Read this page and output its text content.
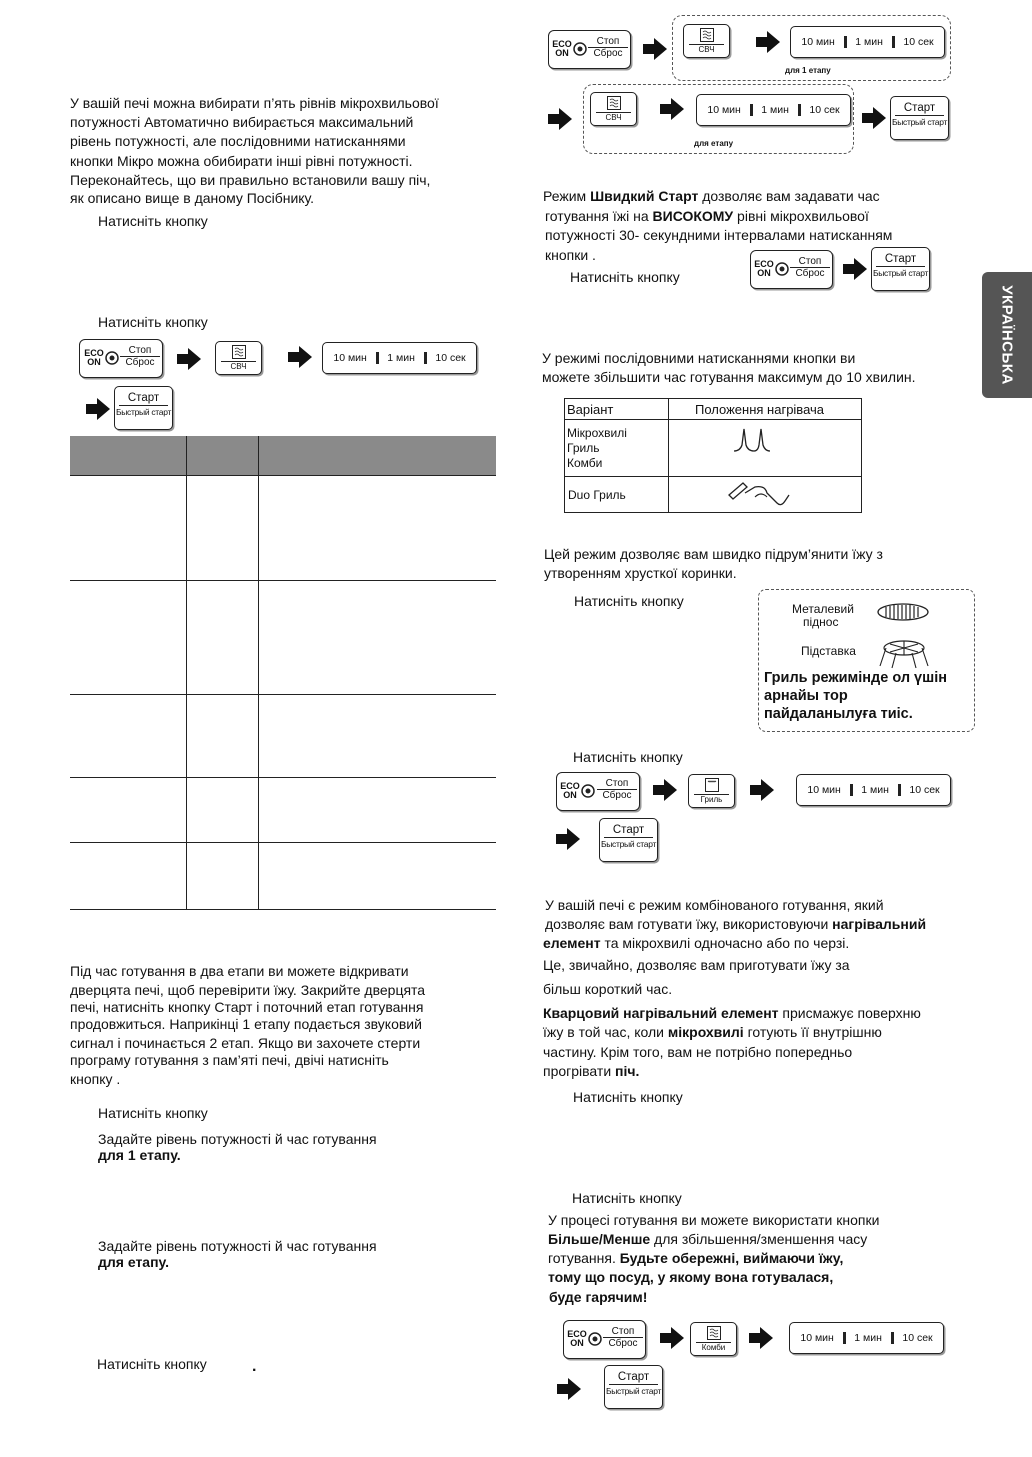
УКРАЇНСЬКА
У вашій печі можна вибирати п’ять рівнів мікрохвильової
потужності Автоматично вибирається максимальний
рівень потужності, але послідовними натисканнями
кнопки Мікро можна обибирати інші рівні потужності.
Переконайтесь, що ви правильно встановили вашу піч,
як описано вище в даному Посібнику.
Натисніть кнопку
Натисніть кнопку
ECO
ON
Стоп
Сброс	СВЧ
10 мин 1 мин 10 сек
Старт
Быстрый старт
Під час готування в два етапи ви можете відкривати
дверцята печі, щоб перевірити їжу. Закрийте дверцята
печі, натисніть кнопку Старт і поточний етап готування
продовжиться. Наприкінці 1 етапу подається звуковий
сигнал і починається 2 етап. Якщо ви захочете стерти
програму готування з пам’яті печі, двічі натисніть
кнопку .
Натисніть кнопку
Задайте рівень потужності й час готування
для 1 етапу.
Задайте рівень потужності й час готування
для етапу.
Натисніть кнопку	.
ECO
ON
Стоп
Сброс	СВЧ
10 мин 1 мин 10 сек
для 1 етапу
СВЧ
10 мин 1 мин 10 сек	Старт
Быстрый старт
для етапу
Режим Швидкий Старт дозволяє вам задавати час
готування їжі на ВИСОКОМУ рівні мікрохвильової
потужності 30- секундними інтервалами натисканням
кнопки .
Натисніть кнопку
ECO
ON
Стоп
Сброс
Старт
Быстрый старт
У режимі послідовними натисканнями кнопки ви
можете збільшити час готування максимум до 10 хвилин.
Варіант	Положення нагрівача
Мікрохвилі
Гриль
Комби
Duo Гриль
Цей режим дозволяє вам швидко підрум’янити їжу з
утворенням хрусткої коринки.
Натисніть кнопку	Металевий
піднос
Підставка
Гриль режимінде ол үшін
арнайы тор
пайдаланылуға тиіс.
Натисніть кнопку
ECO
ON
Стоп
Сброс	Гриль
10 мин 1 мин 10 сек
Старт
Быстрый старт
У вашій печі є режим комбінованого готування, який
дозволяє вам готувати їжу, використовуючи нагрівальний
елемент та мікрохвилі одночасно або по черзі.
Це, звичайно, дозволяє вам приготувати їжу за
більш короткий час.
Кварцовий нагрівальний елемент присмажує поверхню
їжу в той час, коли мікрохвилі готують її внутрішню
частину. Крім того, вам не потрібно попередньо
прогрівати піч.
Натисніть кнопку
Натисніть кнопку
У процесі готування ви можете використати кнопки
Більше/Менше для збільшення/зменшення часу
готування. Будьте обережні, виймаючи їжу,
тому що посуд, у якому вона готувалася,
буде гарячим!
ECO
ON
Стоп
Сброс	Комби
10 мин 1 мин 10 сек
Старт
Быстрый старт
